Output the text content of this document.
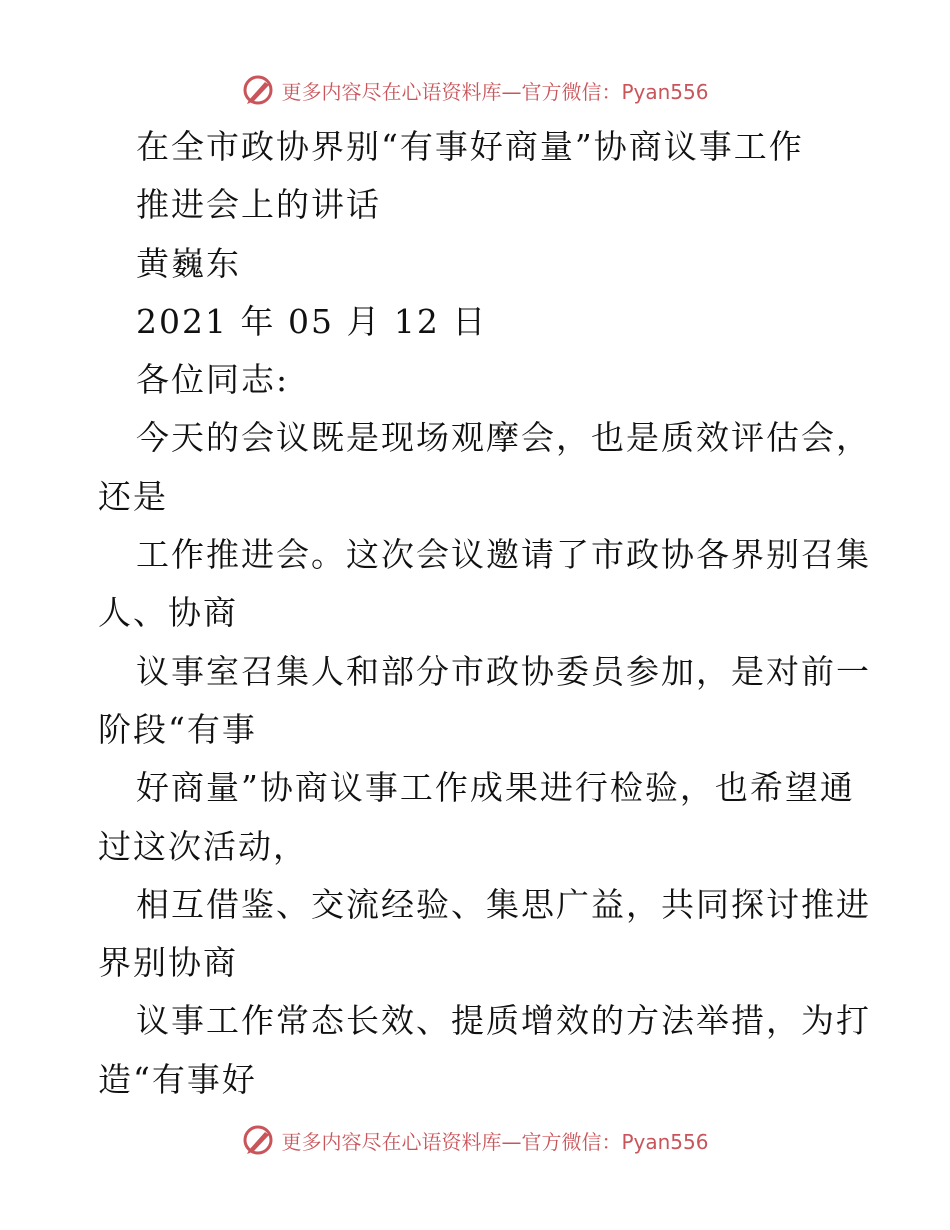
更多内容尽在心语资料库—官方微信：Pyan556

在全市政协界别“有事好商量”协商议事工作

推进会上的讲话

黄巍东

2021 年 05 月 12 日

各位同志:

今天的会议既是现场观摩会，也是质效评估会，

还是

工作推进会。这次会议邀请了市政协各界别召集

人、协商

议事室召集人和部分市政协委员参加，是对前一

阶段“有事

好商量”协商议事工作成果进行检验，也希望通

过这次活动，

相互借鉴、交流经验、集思广益，共同探讨推进

界别协商

议事工作常态长效、提质增效的方法举措，为打

造“有事好

更多内容尽在心语资料库—官方微信：Pyan556
